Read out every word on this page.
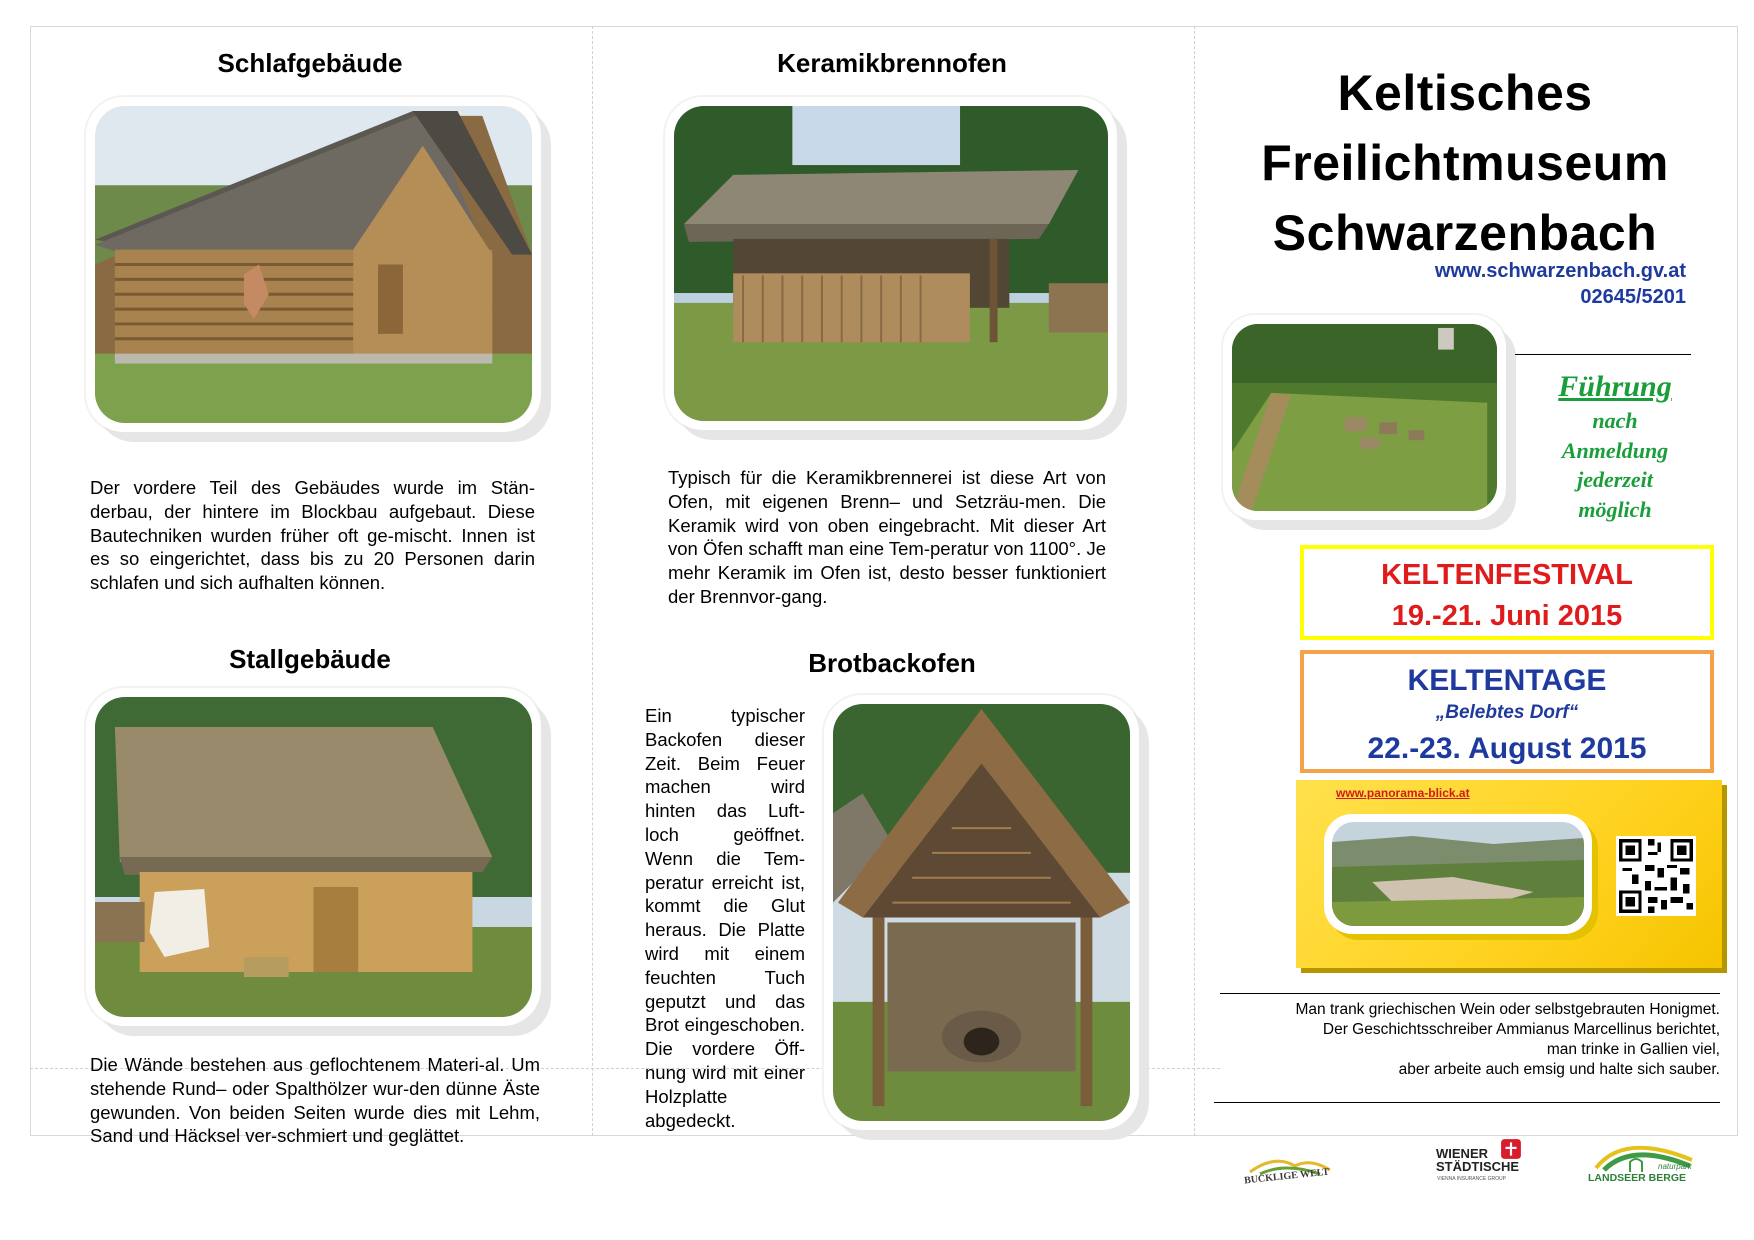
Schlafgebäude
Der vordere Teil des Gebäudes wurde im Stän-derbau, der hintere im Blockbau aufgebaut. Diese Bautechniken wurden früher oft ge-mischt. Innen ist es so eingerichtet, dass bis zu 20 Personen darin schlafen und sich aufhalten können.
Stallgebäude
Die Wände bestehen aus geflochtenem Materi-al. Um stehende Rund– oder Spalthölzer wur-den dünne Äste gewunden. Von beiden Seiten wurde dies mit Lehm, Sand und Häcksel ver-schmiert und geglättet.
Keramikbrennofen
Typisch für die Keramikbrennerei ist diese Art von Ofen, mit eigenen Brenn– und Setzräu-men. Die Keramik wird von oben eingebracht. Mit dieser Art von Öfen schafft man eine Tem-peratur von 1100°. Je mehr Keramik im Ofen ist, desto besser funktioniert der Brennvor-gang.
Brotbackofen
Ein typischer Backofen dieser Zeit. Beim Feuer machen wird hinten das Luft-loch geöffnet. Wenn die Tem-peratur erreicht ist, kommt die Glut heraus. Die Platte wird mit einem feuchten Tuch geputzt und das Brot eingeschoben. Die vordere Öff-nung wird mit einer Holzplatte abgedeckt.
Keltisches
Freilichtmuseum
Schwarzenbach
www.schwarzenbach.gv.at
02645/5201
Führung
nach
Anmeldung
jederzeit
möglich
KELTENFESTIVAL
19.-21. Juni 2015
KELTENTAGE
„Belebtes Dorf“
22.-23. August 2015
www.panorama-blick.at
Man trank griechischen Wein oder selbstgebrauten Honigmet.
Der Geschichtsschreiber Ammianus Marcellinus berichtet,
man trinke in Gallien viel,
aber arbeite auch emsig und halte sich sauber.
BUCKLIGE WELT
WIENER
STÄDTISCHE
VIENNA INSURANCE GROUP
naturpark
LANDSEER BERGE
